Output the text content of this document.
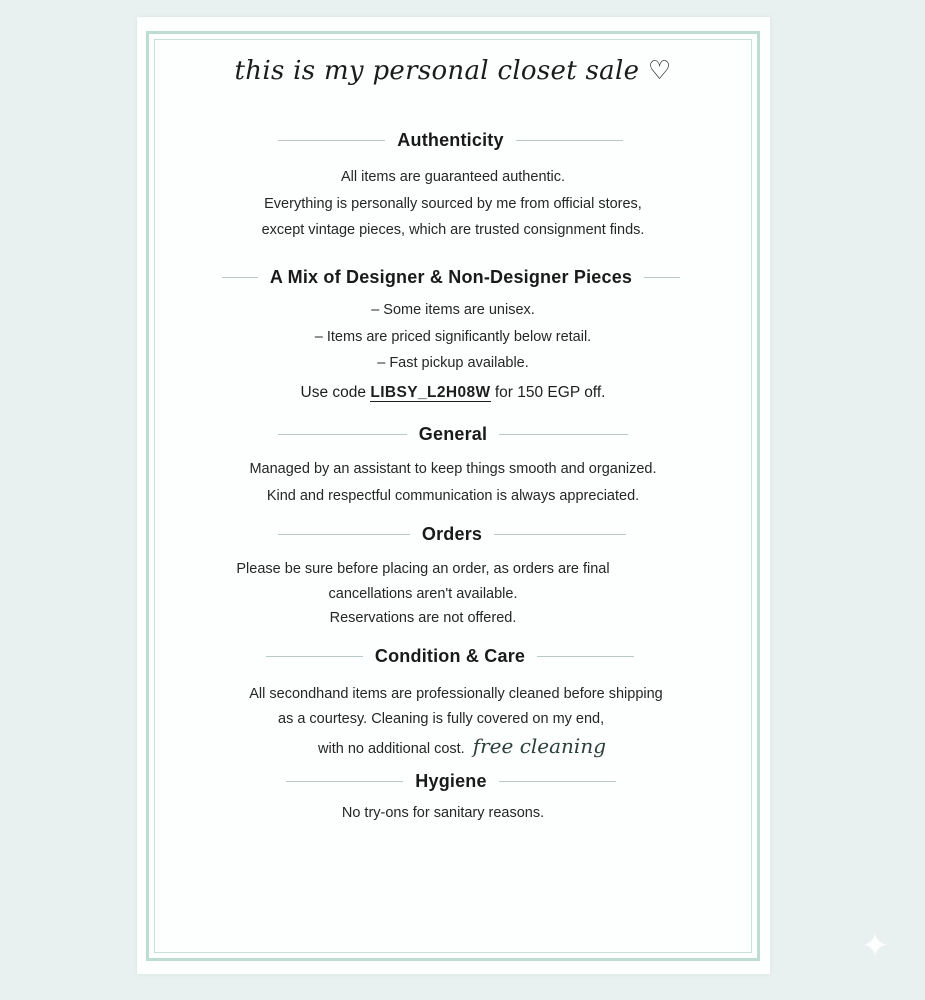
this is my personal closet sale ♡
Authenticity

All items are guaranteed authentic.

Everything is personally sourced by me from official stores,

except vintage pieces, which are trusted consignment finds.

A Mix of Designer & Non-Designer Pieces

– Some items are unisex.

– Items are priced significantly below retail.

– Fast pickup available.

Use code LIBSY_L2H08W for 150 EGP off.
General

Managed by an assistant to keep things smooth and organized.

Kind and respectful communication is always appreciated.

Orders

Please be sure before placing an order, as orders are final

cancellations aren't available.

Reservations are not offered.

Condition & Care

All secondhand items are professionally cleaned before shipping

as a courtesy. Cleaning is fully covered on my end,

with no additional cost. free cleaning
Hygiene

No try-ons for sanitary reasons.

✦
